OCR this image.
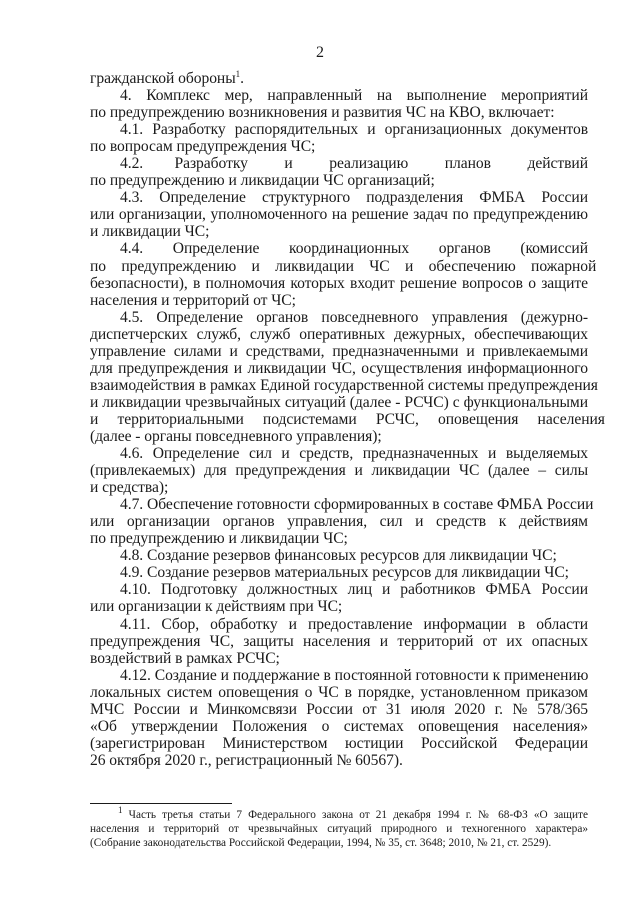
2
гражданской обороны$^1$.
4.   Комплекс   мер,   направленный   на   выполнение   мероприятий
по предупреждению возникновения и развития ЧС на КВО, включает:
4.1. Разработку распорядительных и организационных документов
по вопросам предупреждения ЧС;
4.2.      Разработку       и       реализацию       планов       действий
по предупреждению и ликвидации ЧС организаций;
4.3.   Определение   структурного   подразделения   ФМБА   России
или организации, уполномоченного на решение задач по предупреждению
и ликвидации ЧС;
4.4.       Определение       координационных       органов       (комиссий
по    предупреждению    и    ликвидации    ЧС    и    обеспечению    пожарной
безопасности), в полномочия которых входит решение вопросов о защите
населения и территорий от ЧС;
4.5.  Определение  органов  повседневного  управления  (дежурно-
диспетчерских служб, служб оперативных дежурных, обеспечивающих
управление силами и средствами, предназначенными и привлекаемыми
для предупреждения и ликвидации ЧС, осуществления информационного
взаимодействия в рамках Единой государственной системы предупреждения
и ликвидации чрезвычайных ситуаций (далее - РСЧС) с функциональными
и     территориальными     подсистемами     РСЧС,     оповещения     населения
(далее - органы повседневного управления);
4.6. Определение сил и средств, предназначенных и выделяемых
(привлекаемых) для предупреждения и ликвидации ЧС (далее – силы
и средства);
4.7. Обеспечение готовности сформированных в составе ФМБА России
или   организации   органов   управления,   сил   и   средств   к   действиям
по предупреждению и ликвидации ЧС;
4.8. Создание резервов финансовых ресурсов для ликвидации ЧС;
4.9. Создание резервов материальных ресурсов для ликвидации ЧС;
4.10.  Подготовку  должностных  лиц  и  работников  ФМБА  России
или организации к действиям при ЧС;
4.11.  Сбор,  обработку  и  предоставление  информации  в  области
предупреждения  ЧС,  защиты  населения  и  территорий  от  их  опасных
воздействий в рамках РСЧС;
4.12. Создание и поддержание в постоянной готовности к применению
локальных систем оповещения о ЧС в порядке, установленном приказом
МЧС  России  и  Минкомсвязи  России  от  31  июля  2020  г.  №  578/365
«Об   утверждении   Положения   о   системах   оповещения   населения»
(зарегистрирован    Министерством    юстиции    Российской    Федерации
26 октября 2020 г., регистрационный № 60567).
$^1$ Часть третья статьи 7 Федерального закона от 21 декабря 1994 г. № 68-ФЗ «О защите
населения и территорий от чрезвычайных ситуаций природного и техногенного характера»
(Собрание законодательства Российской Федерации, 1994, № 35, ст. 3648; 2010, № 21, ст. 2529).
